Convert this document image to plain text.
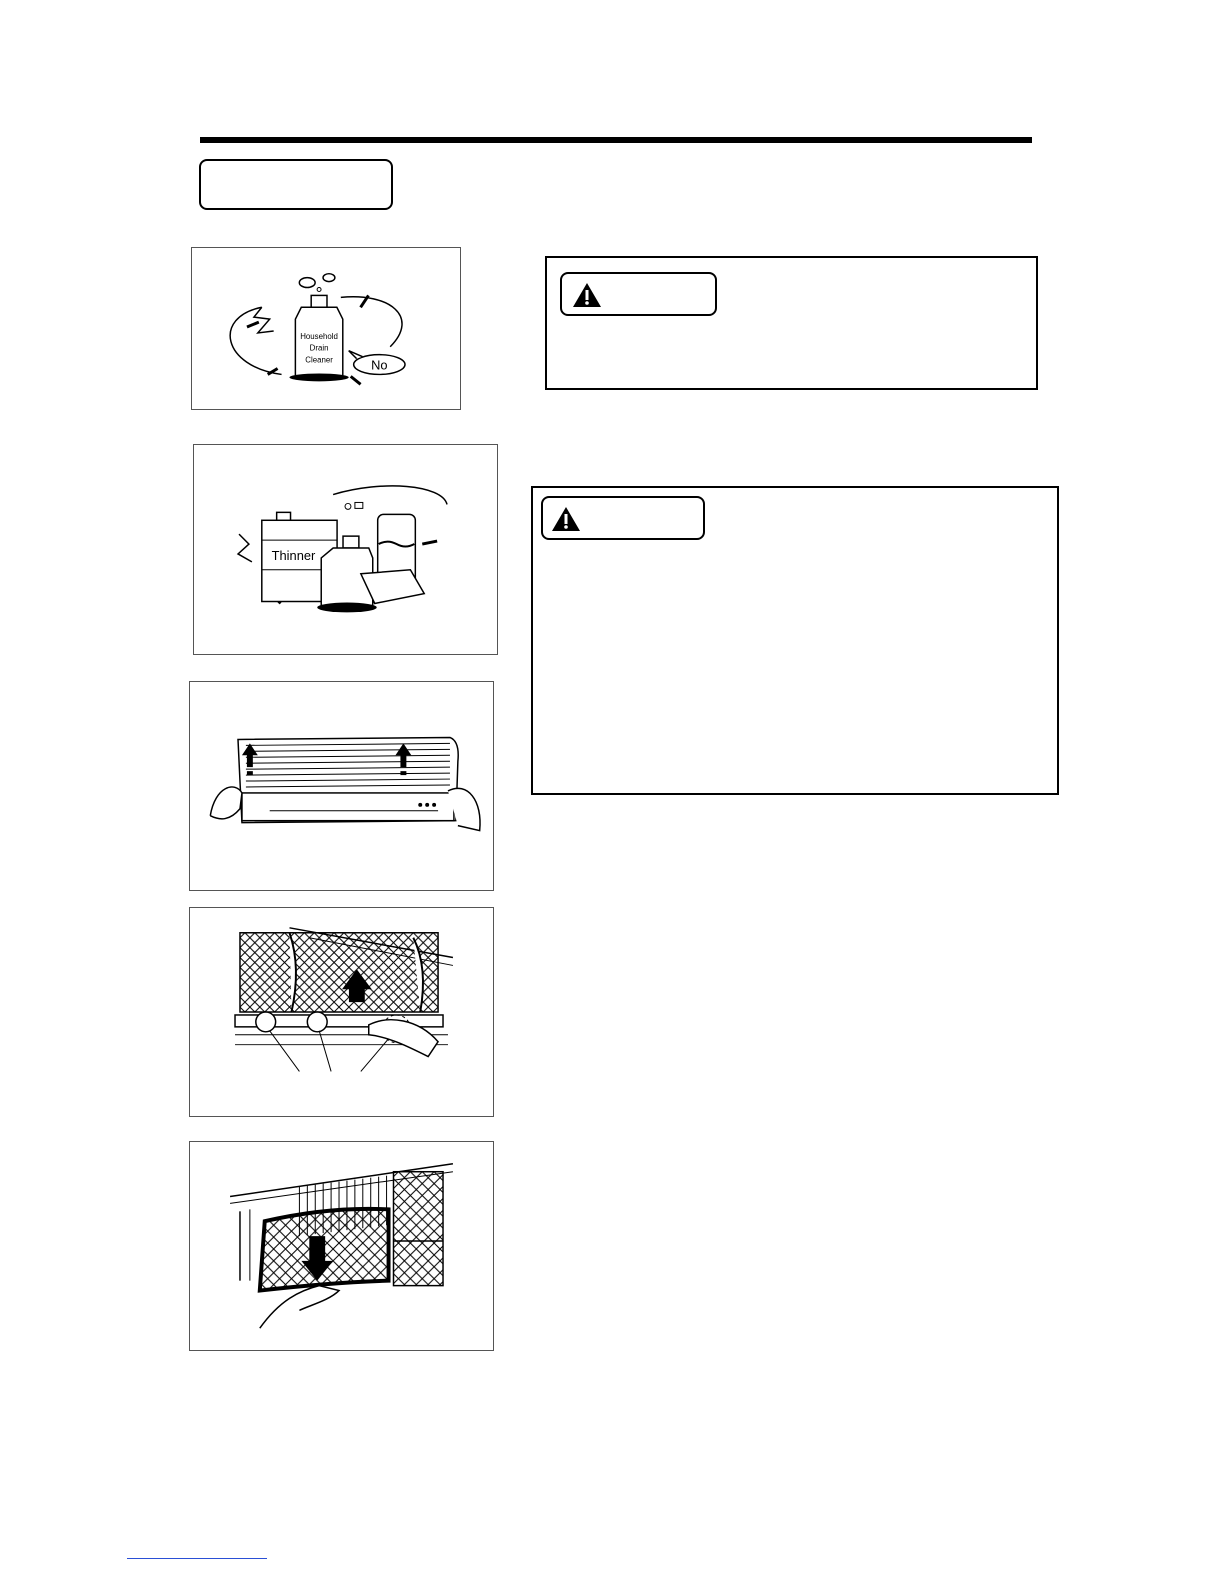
Household
Drain
Cleaner	No
Thinner
